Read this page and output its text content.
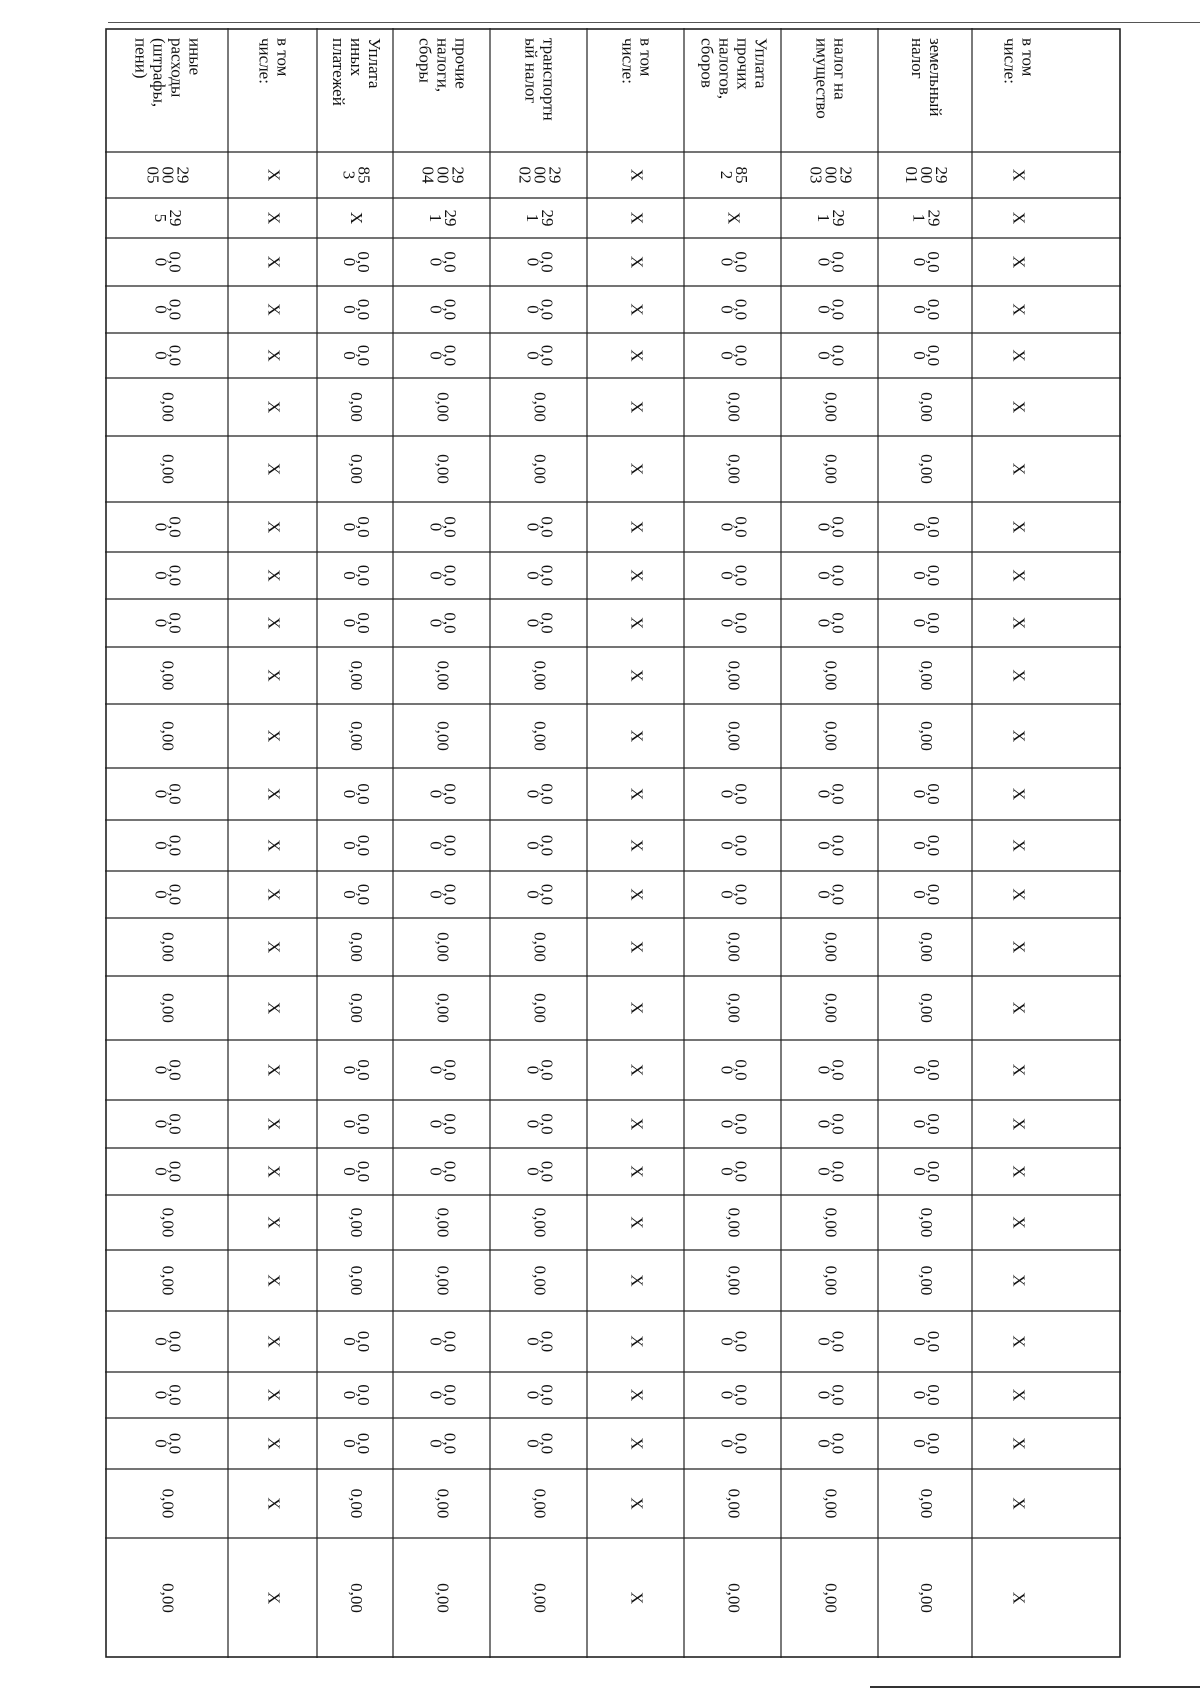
в том
числе:
X
X
X
X
X
X
X
X
X
X
X
X
X
X
X
X
X
X
X
X
X
X
X
X
X
X
X
земельный
налог
29
00
01
29
1
0,0
0
0,0
0
0,0
0
0,00
0,00
0,0
0
0,0
0
0,0
0
0,00
0,00
0,0
0
0,0
0
0,0
0
0,00
0,00
0,0
0
0,0
0
0,0
0
0,00
0,00
0,0
0
0,0
0
0,0
0
0,00
0,00
налог на
имущество
29
00
03
29
1
0,0
0
0,0
0
0,0
0
0,00
0,00
0,0
0
0,0
0
0,0
0
0,00
0,00
0,0
0
0,0
0
0,0
0
0,00
0,00
0,0
0
0,0
0
0,0
0
0,00
0,00
0,0
0
0,0
0
0,0
0
0,00
0,00
Уплата
прочих
налогов,
сборов
85
2
X
0,0
0
0,0
0
0,0
0
0,00
0,00
0,0
0
0,0
0
0,0
0
0,00
0,00
0,0
0
0,0
0
0,0
0
0,00
0,00
0,0
0
0,0
0
0,0
0
0,00
0,00
0,0
0
0,0
0
0,0
0
0,00
0,00
в том
числе:
X
X
X
X
X
X
X
X
X
X
X
X
X
X
X
X
X
X
X
X
X
X
X
X
X
X
X
транспортн
ый налог
29
00
02
29
1
0,0
0
0,0
0
0,0
0
0,00
0,00
0,0
0
0,0
0
0,0
0
0,00
0,00
0,0
0
0,0
0
0,0
0
0,00
0,00
0,0
0
0,0
0
0,0
0
0,00
0,00
0,0
0
0,0
0
0,0
0
0,00
0,00
прочие
налоги,
сборы
29
00
04
29
1
0,0
0
0,0
0
0,0
0
0,00
0,00
0,0
0
0,0
0
0,0
0
0,00
0,00
0,0
0
0,0
0
0,0
0
0,00
0,00
0,0
0
0,0
0
0,0
0
0,00
0,00
0,0
0
0,0
0
0,0
0
0,00
0,00
Уплата
иных
платежей
85
3
X
0,0
0
0,0
0
0,0
0
0,00
0,00
0,0
0
0,0
0
0,0
0
0,00
0,00
0,0
0
0,0
0
0,0
0
0,00
0,00
0,0
0
0,0
0
0,0
0
0,00
0,00
0,0
0
0,0
0
0,0
0
0,00
0,00
в том
числе:
X
X
X
X
X
X
X
X
X
X
X
X
X
X
X
X
X
X
X
X
X
X
X
X
X
X
X
иные
расходы
(штрафы,
пени)
29
00
05
29
5
0,0
0
0,0
0
0,0
0
0,00
0,00
0,0
0
0,0
0
0,0
0
0,00
0,00
0,0
0
0,0
0
0,0
0
0,00
0,00
0,0
0
0,0
0
0,0
0
0,00
0,00
0,0
0
0,0
0
0,0
0
0,00
0,00
